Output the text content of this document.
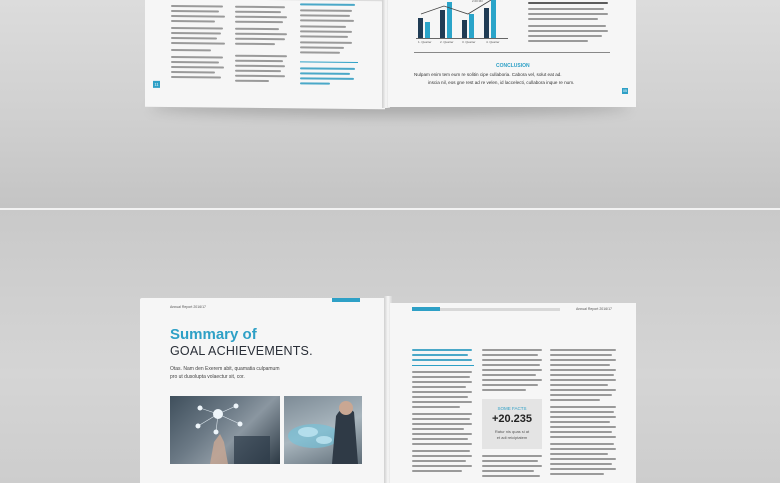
11
2.00 Mil
1. Quarter	2. Quarter	3. Quarter	4. Quarter
CONCLUSION
Nulpam enim tem eum re solitin cipe cullaboria. Cabora vel, solut eat ad.
inscia nil, eos gne rest ad re velen, id laccelecti, cullabora inque re num.
05
Annual Report 2016/17
Summary of
GOAL ACHIEVEMENTS.
Otas. Nam den Exerem abit, quamatia culpamum
pro ut dusolupta volaectur sit, cor.
Annual Report 2016/17
SOME FACTS
+20.235
Ratur nis quas si at
et adi reiciptatem
